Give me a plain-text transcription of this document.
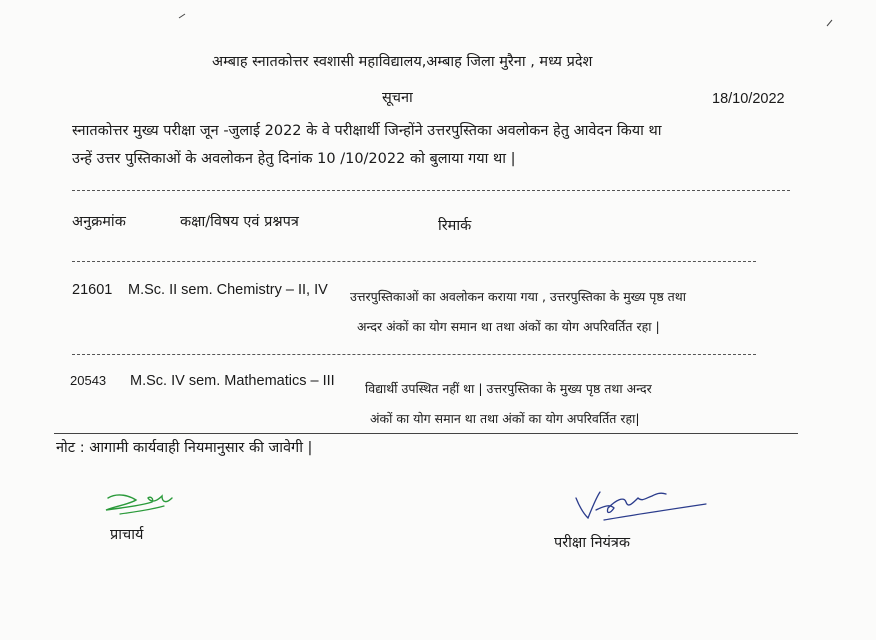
अम्बाह स्नातकोत्तर स्वशासी महाविद्यालय,अम्बाह जिला मुरैना , मध्य प्रदेश
सूचना	18/10/2022
स्नातकोत्तर मुख्य परीक्षा जून -जुलाई 2022 के वे परीक्षार्थी जिन्होंने उत्तरपुस्तिका अवलोकन हेतु आवेदन किया था
उन्हें उत्तर पुस्तिकाओं के अवलोकन हेतु दिनांक 10 /10/2022 को बुलाया गया था |
अनुक्रमांक	कक्षा/विषय एवं प्रश्नपत्र	रिमार्क
21601 M.Sc. II sem. Chemistry – II, IV उत्तरपुस्तिकाओं का अवलोकन कराया गया , उत्तरपुस्तिका के मुख्य पृष्ठ तथा
अन्दर अंकों का योग समान था तथा अंकों का योग अपरिवर्तित रहा |
20543 M.Sc. IV sem. Mathematics – III विद्यार्थी उपस्थित नहीं था | उत्तरपुस्तिका के मुख्य पृष्ठ तथा अन्दर
अंकों का योग समान था तथा अंकों का योग अपरिवर्तित रहा|
नोट : आगामी कार्यवाही नियमानुसार की जावेगी |
प्राचार्य	परीक्षा नियंत्रक
